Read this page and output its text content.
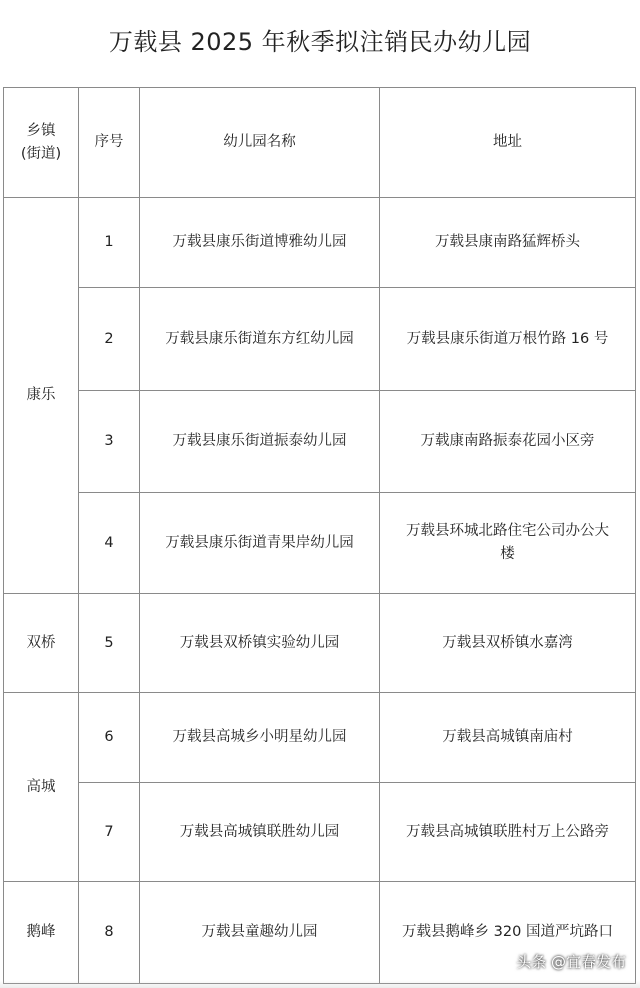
万载县 2025 年秋季拟注销民办幼儿园
乡镇
(街道)	序号	幼儿园名称	地址
康乐	1	万载县康乐街道博雅幼儿园	万载县康南路猛辉桥头
	2	万载县康乐街道东方红幼儿园	万载县康乐街道万根竹路 16 号
	3	万载县康乐街道振泰幼儿园	万载康南路振泰花园小区旁
	4	万载县康乐街道青果岸幼儿园	万载县环城北路住宅公司办公大
楼
双桥	5	万载县双桥镇实验幼儿园	万载县双桥镇水嘉湾
高城	6	万载县高城乡小明星幼儿园	万载县高城镇南庙村
	7	万载县高城镇联胜幼儿园	万载县高城镇联胜村万上公路旁
鹅峰	8	万载县童趣幼儿园	万载县鹅峰乡 320 国道严坑路口
头条 @宜春发布
